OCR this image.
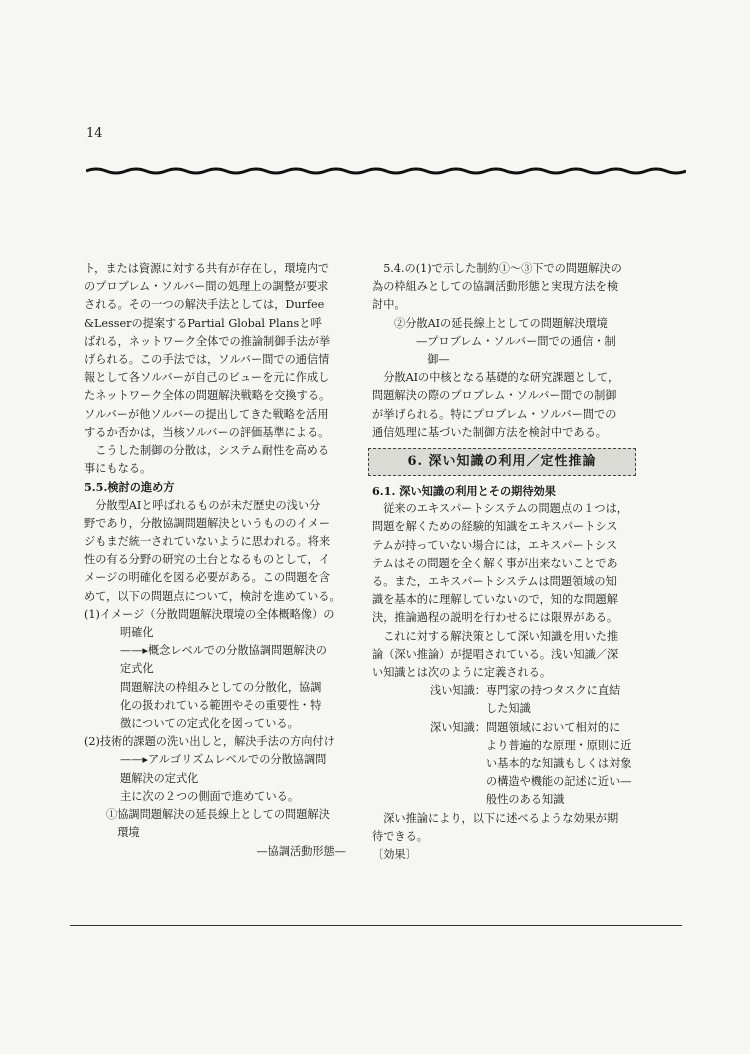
14

ト，または資源に対する共有が存在し，環境内で
のプロブレム・ソルバー間の処理上の調整が要求
される。その一つの解決手法としては，Durfee
&Lesserの提案するPartial Global Plansと呼
ばれる，ネットワーク全体での推論制御手法が挙
げられる。この手法では，ソルバー間での通信情
報として各ソルバーが自己のビューを元に作成し
たネットワーク全体の問題解決戦略を交換する。
ソルバーが他ソルバーの提出してきた戦略を活用
するか否かは，当核ソルバーの評価基準による。

　こうした制御の分散は，システム耐性を高める
事にもなる。

5.5.検討の進め方

　分散型AIと呼ばれるものが未だ歴史の浅い分
野であり，分散協調問題解決というもののイメー
ジもまだ統一されていないように思われる。将来
性の有る分野の研究の土台となるものとして，イ
メージの明確化を図る必要がある。この問題を含
めて，以下の問題点について，検討を進めている。

(1)イメージ（分散問題解決環境の全体概略像）の

明確化
——▸概念レベルでの分散協調問題解決の
定式化
問題解決の枠組みとしての分散化，協調
化の扱われている範囲やその重要性・特
徴についての定式化を図っている。

(2)技術的課題の洗い出しと，解決手法の方向付け

——▸アルゴリズムレベルでの分散協調問
題解決の定式化
主に次の２つの側面で進めている。

①協調問題解決の延長線上としての問題解決
　環境

—協調活動形態—

　5.4.の(1)で示した制約①～③下での問題解決の
為の枠組みとしての協調活動形態と実現方法を検
討中。

②分散AIの延長線上としての問題解決環境

—プロブレム・ソルバー間での通信・制
　御—

　分散AIの中核となる基礎的な研究課題として，
問題解決の際のプロブレム・ソルバー間での制御
が挙げられる。特にプロブレム・ソルバー間での
通信処理に基づいた制御方法を検討中である。

6. 深い知識の利用／定性推論

6.1. 深い知識の利用とその期待効果

　従来のエキスパートシステムの問題点の１つは，
問題を解くための経験的知識をエキスパートシス
テムが持っていない場合には，エキスパートシス
テムはその問題を全く解く事が出来ないことであ
る。また，エキスパートシステムは問題領域の知
識を基本的に理解していないので，知的な問題解
決，推論過程の説明を行わせるには限界がある。

　これに対する解決策として深い知識を用いた推
論（深い推論）が提唱されている。浅い知識／深
い知識とは次のように定義される。

浅い知識： 専門家の持つタスクに直結
した知識
深い知識： 問題領域において相対的に
より普遍的な原理・原則に近
い基本的な知識もしくは対象
の構造や機能の記述に近い—
般性のある知識

　深い推論により，以下に述べるような効果が期
待できる。

〔効果〕
